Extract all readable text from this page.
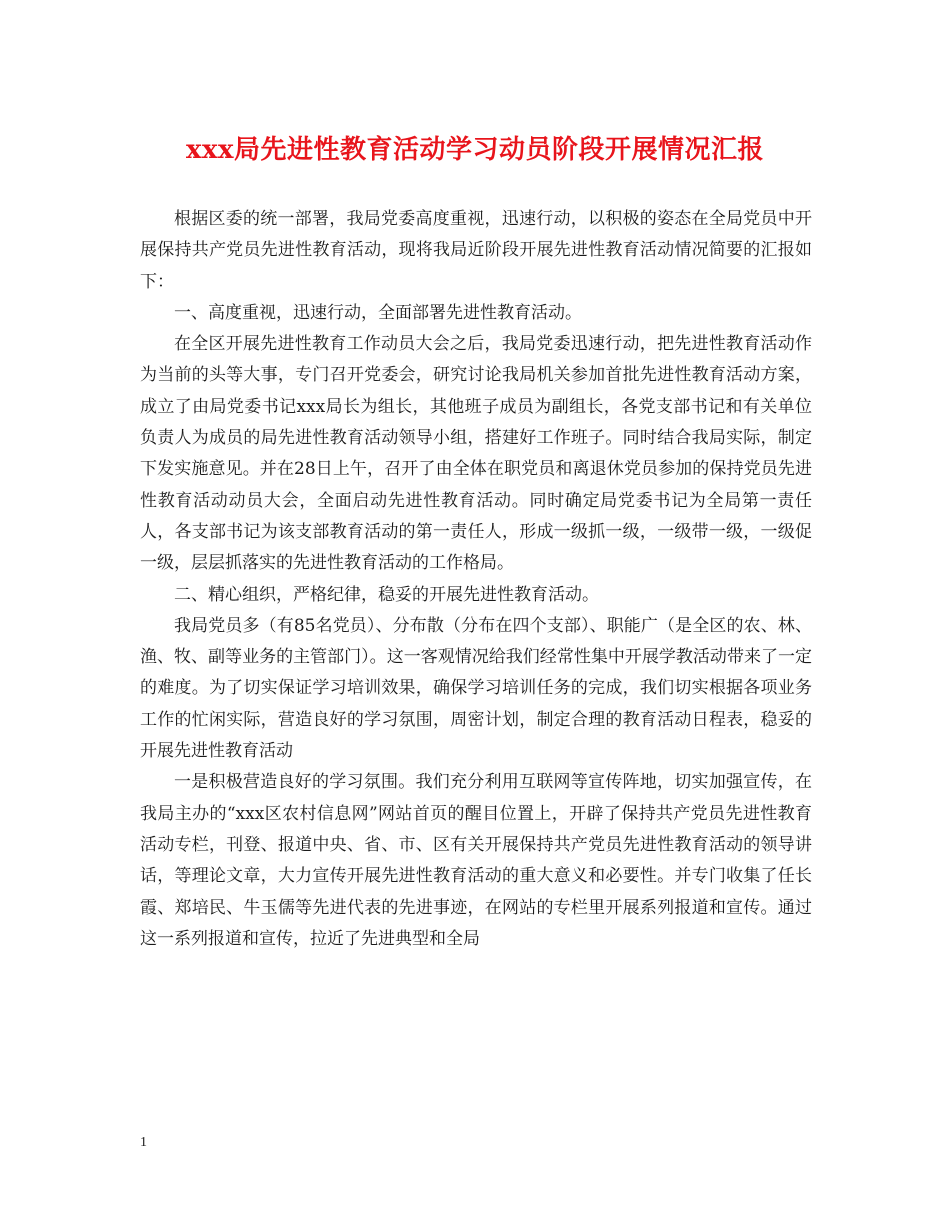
xxx局先进性教育活动学习动员阶段开展情况汇报

根据区委的统一部署，我局党委高度重视，迅速行动，以积极的姿态在全局党员中开展保持共产党员先进性教育活动，现将我局近阶段开展先进性教育活动情况简要的汇报如下：

一、高度重视，迅速行动，全面部署先进性教育活动。

在全区开展先进性教育工作动员大会之后，我局党委迅速行动，把先进性教育活动作为当前的头等大事，专门召开党委会，研究讨论我局机关参加首批先进性教育活动方案，成立了由局党委书记xxx局长为组长，其他班子成员为副组长，各党支部书记和有关单位负责人为成员的局先进性教育活动领导小组，搭建好工作班子。同时结合我局实际，制定下发实施意见。并在28日上午，召开了由全体在职党员和离退休党员参加的保持党员先进性教育活动动员大会，全面启动先进性教育活动。同时确定局党委书记为全局第一责任人，各支部书记为该支部教育活动的第一责任人，形成一级抓一级，一级带一级，一级促一级，层层抓落实的先进性教育活动的工作格局。

二、精心组织，严格纪律，稳妥的开展先进性教育活动。

我局党员多（有85名党员）、分布散（分布在四个支部）、职能广（是全区的农、林、渔、牧、副等业务的主管部门）。这一客观情况给我们经常性集中开展学教活动带来了一定的难度。为了切实保证学习培训效果，确保学习培训任务的完成，我们切实根据各项业务工作的忙闲实际，营造良好的学习氛围，周密计划，制定合理的教育活动日程表，稳妥的开展先进性教育活动

一是积极营造良好的学习氛围。我们充分利用互联网等宣传阵地，切实加强宣传，在我局主办的“xxx区农村信息网”网站首页的醒目位置上，开辟了保持共产党员先进性教育活动专栏，刊登、报道中央、省、市、区有关开展保持共产党员先进性教育活动的领导讲话，等理论文章，大力宣传开展先进性教育活动的重大意义和必要性。并专门收集了任长霞、郑培民、牛玉儒等先进代表的先进事迹，在网站的专栏里开展系列报道和宣传。通过这一系列报道和宣传，拉近了先进典型和全局

1
